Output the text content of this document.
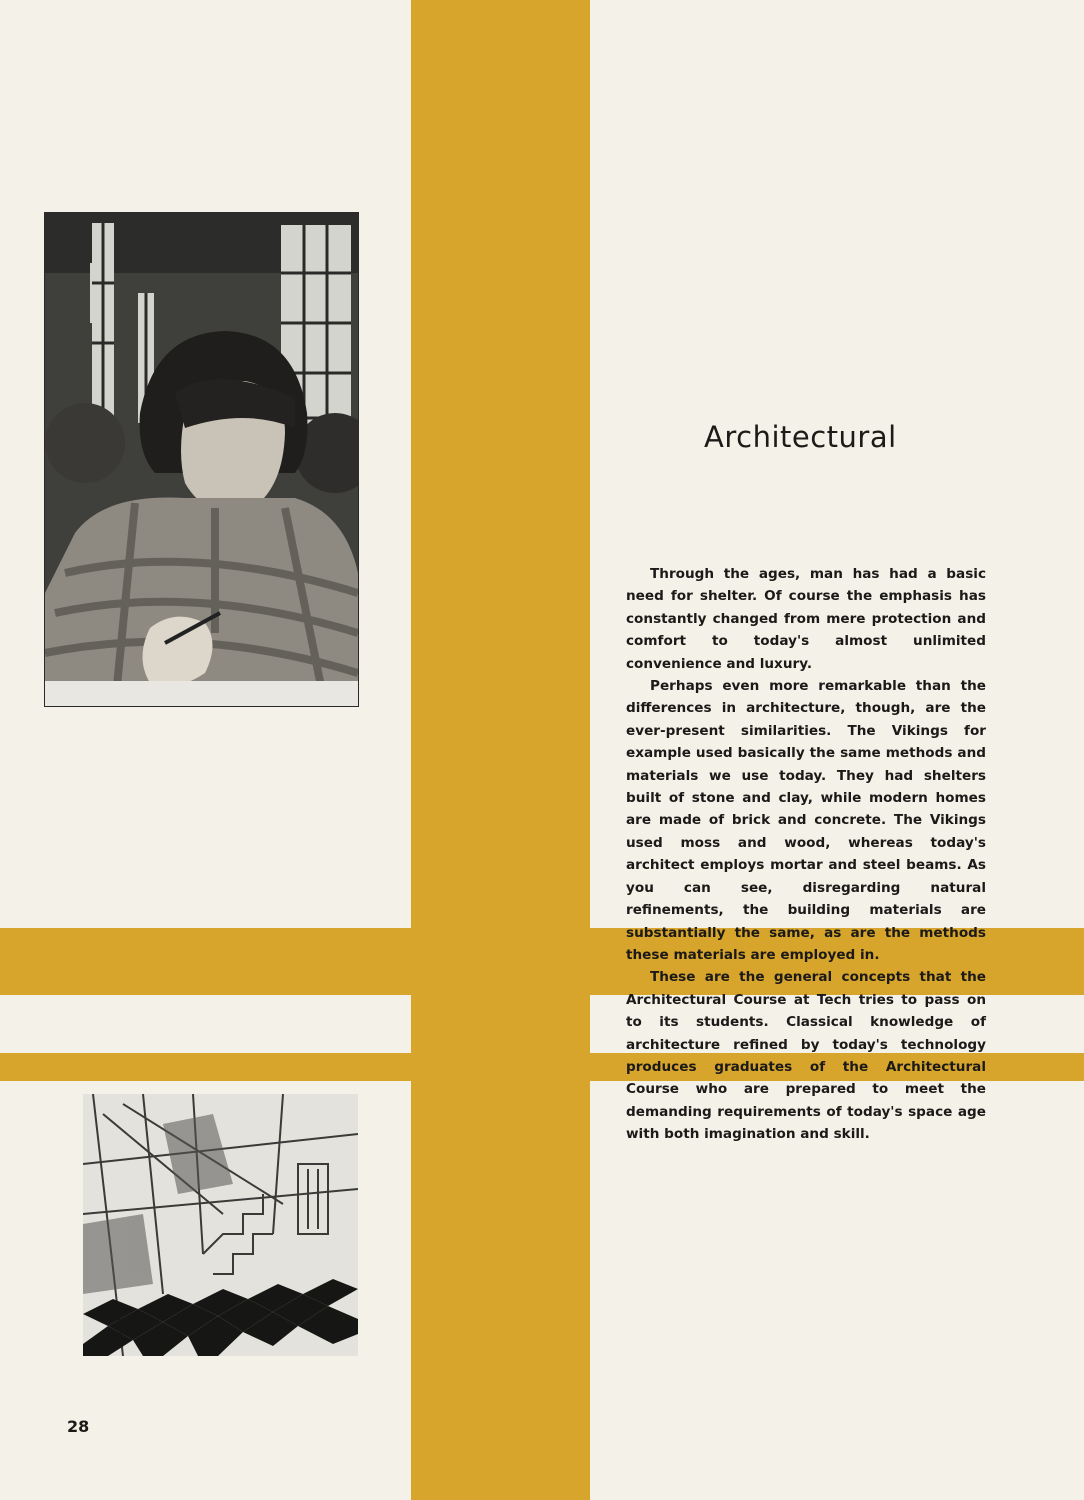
Architectural

Through the ages, man has had a basic need for shelter. Of course the emphasis has constantly changed from mere protection and comfort to today's almost unlimited convenience and luxury.

Perhaps even more remarkable than the differences in architecture, though, are the ever-present similarities. The Vikings for example used basically the same methods and materials we use today. They had shelters built of stone and clay, while modern homes are made of brick and concrete. The Vikings used moss and wood, whereas today's architect employs mortar and steel beams. As you can see, disregarding natural refinements, the building materials are substantially the same, as are the methods these materials are employed in.

These are the general concepts that the Architectural Course at Tech tries to pass on to its students. Classical knowledge of architecture refined by today's technology produces graduates of the Architectural Course who are prepared to meet the demanding requirements of today's space age with both imagination and skill.

28
